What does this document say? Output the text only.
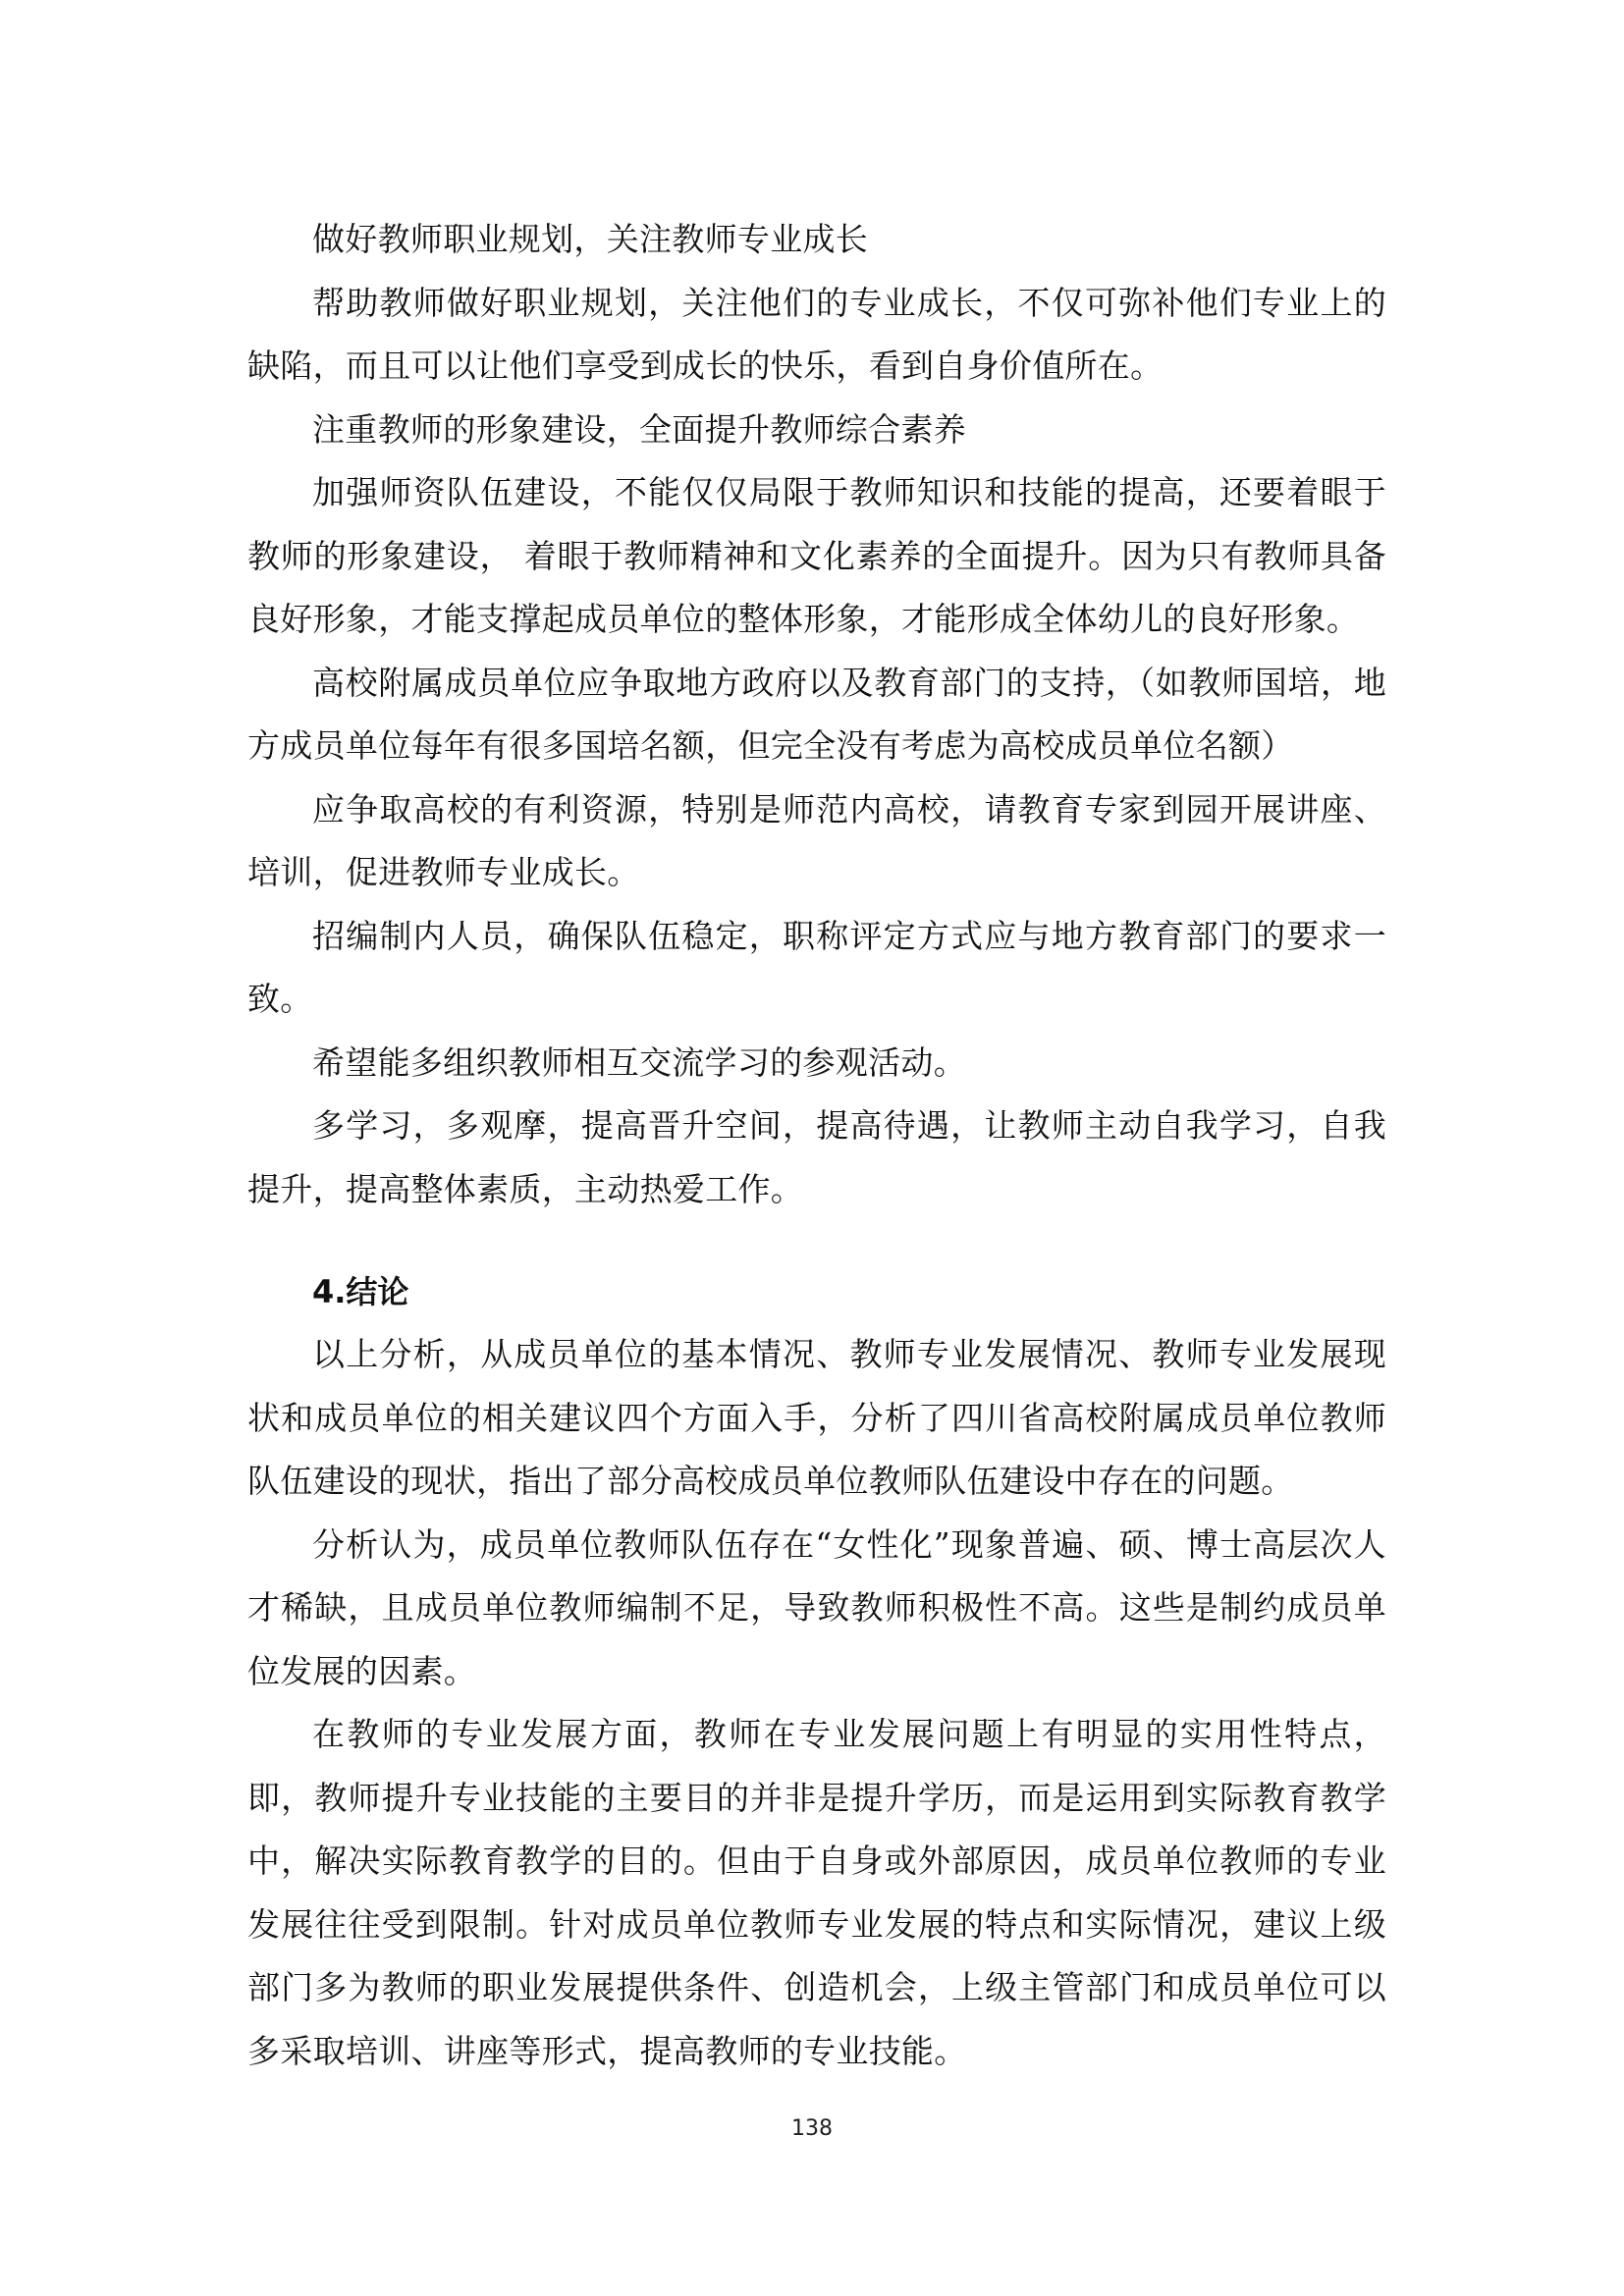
做好教师职业规划，关注教师专业成长

帮助教师做好职业规划，关注他们的专业成长，不仅可弥补他们专业上的缺陷，而且可以让他们享受到成长的快乐，看到自身价值所在。

注重教师的形象建设，全面提升教师综合素养

加强师资队伍建设，不能仅仅局限于教师知识和技能的提高，还要着眼于教师的形象建设， 着眼于教师精神和文化素养的全面提升。因为只有教师具备良好形象，才能支撑起成员单位的整体形象，才能形成全体幼儿的良好形象。

高校附属成员单位应争取地方政府以及教育部门的支持，（如教师国培，地方成员单位每年有很多国培名额，但完全没有考虑为高校成员单位名额）

应争取高校的有利资源，特别是师范内高校，请教育专家到园开展讲座、培训，促进教师专业成长。

招编制内人员，确保队伍稳定，职称评定方式应与地方教育部门的要求一致。

希望能多组织教师相互交流学习的参观活动。

多学习，多观摩，提高晋升空间，提高待遇，让教师主动自我学习，自我提升，提高整体素质，主动热爱工作。

4.结论

以上分析，从成员单位的基本情况、教师专业发展情况、教师专业发展现状和成员单位的相关建议四个方面入手，分析了四川省高校附属成员单位教师队伍建设的现状，指出了部分高校成员单位教师队伍建设中存在的问题。

分析认为，成员单位教师队伍存在“女性化”现象普遍、硕、博士高层次人才稀缺，且成员单位教师编制不足，导致教师积极性不高。这些是制约成员单位发展的因素。

在教师的专业发展方面，教师在专业发展问题上有明显的实用性特点，即，教师提升专业技能的主要目的并非是提升学历，而是运用到实际教育教学中，解决实际教育教学的目的。但由于自身或外部原因，成员单位教师的专业发展往往受到限制。针对成员单位教师专业发展的特点和实际情况，建议上级部门多为教师的职业发展提供条件、创造机会，上级主管部门和成员单位可以多采取培训、讲座等形式，提高教师的专业技能。

138
